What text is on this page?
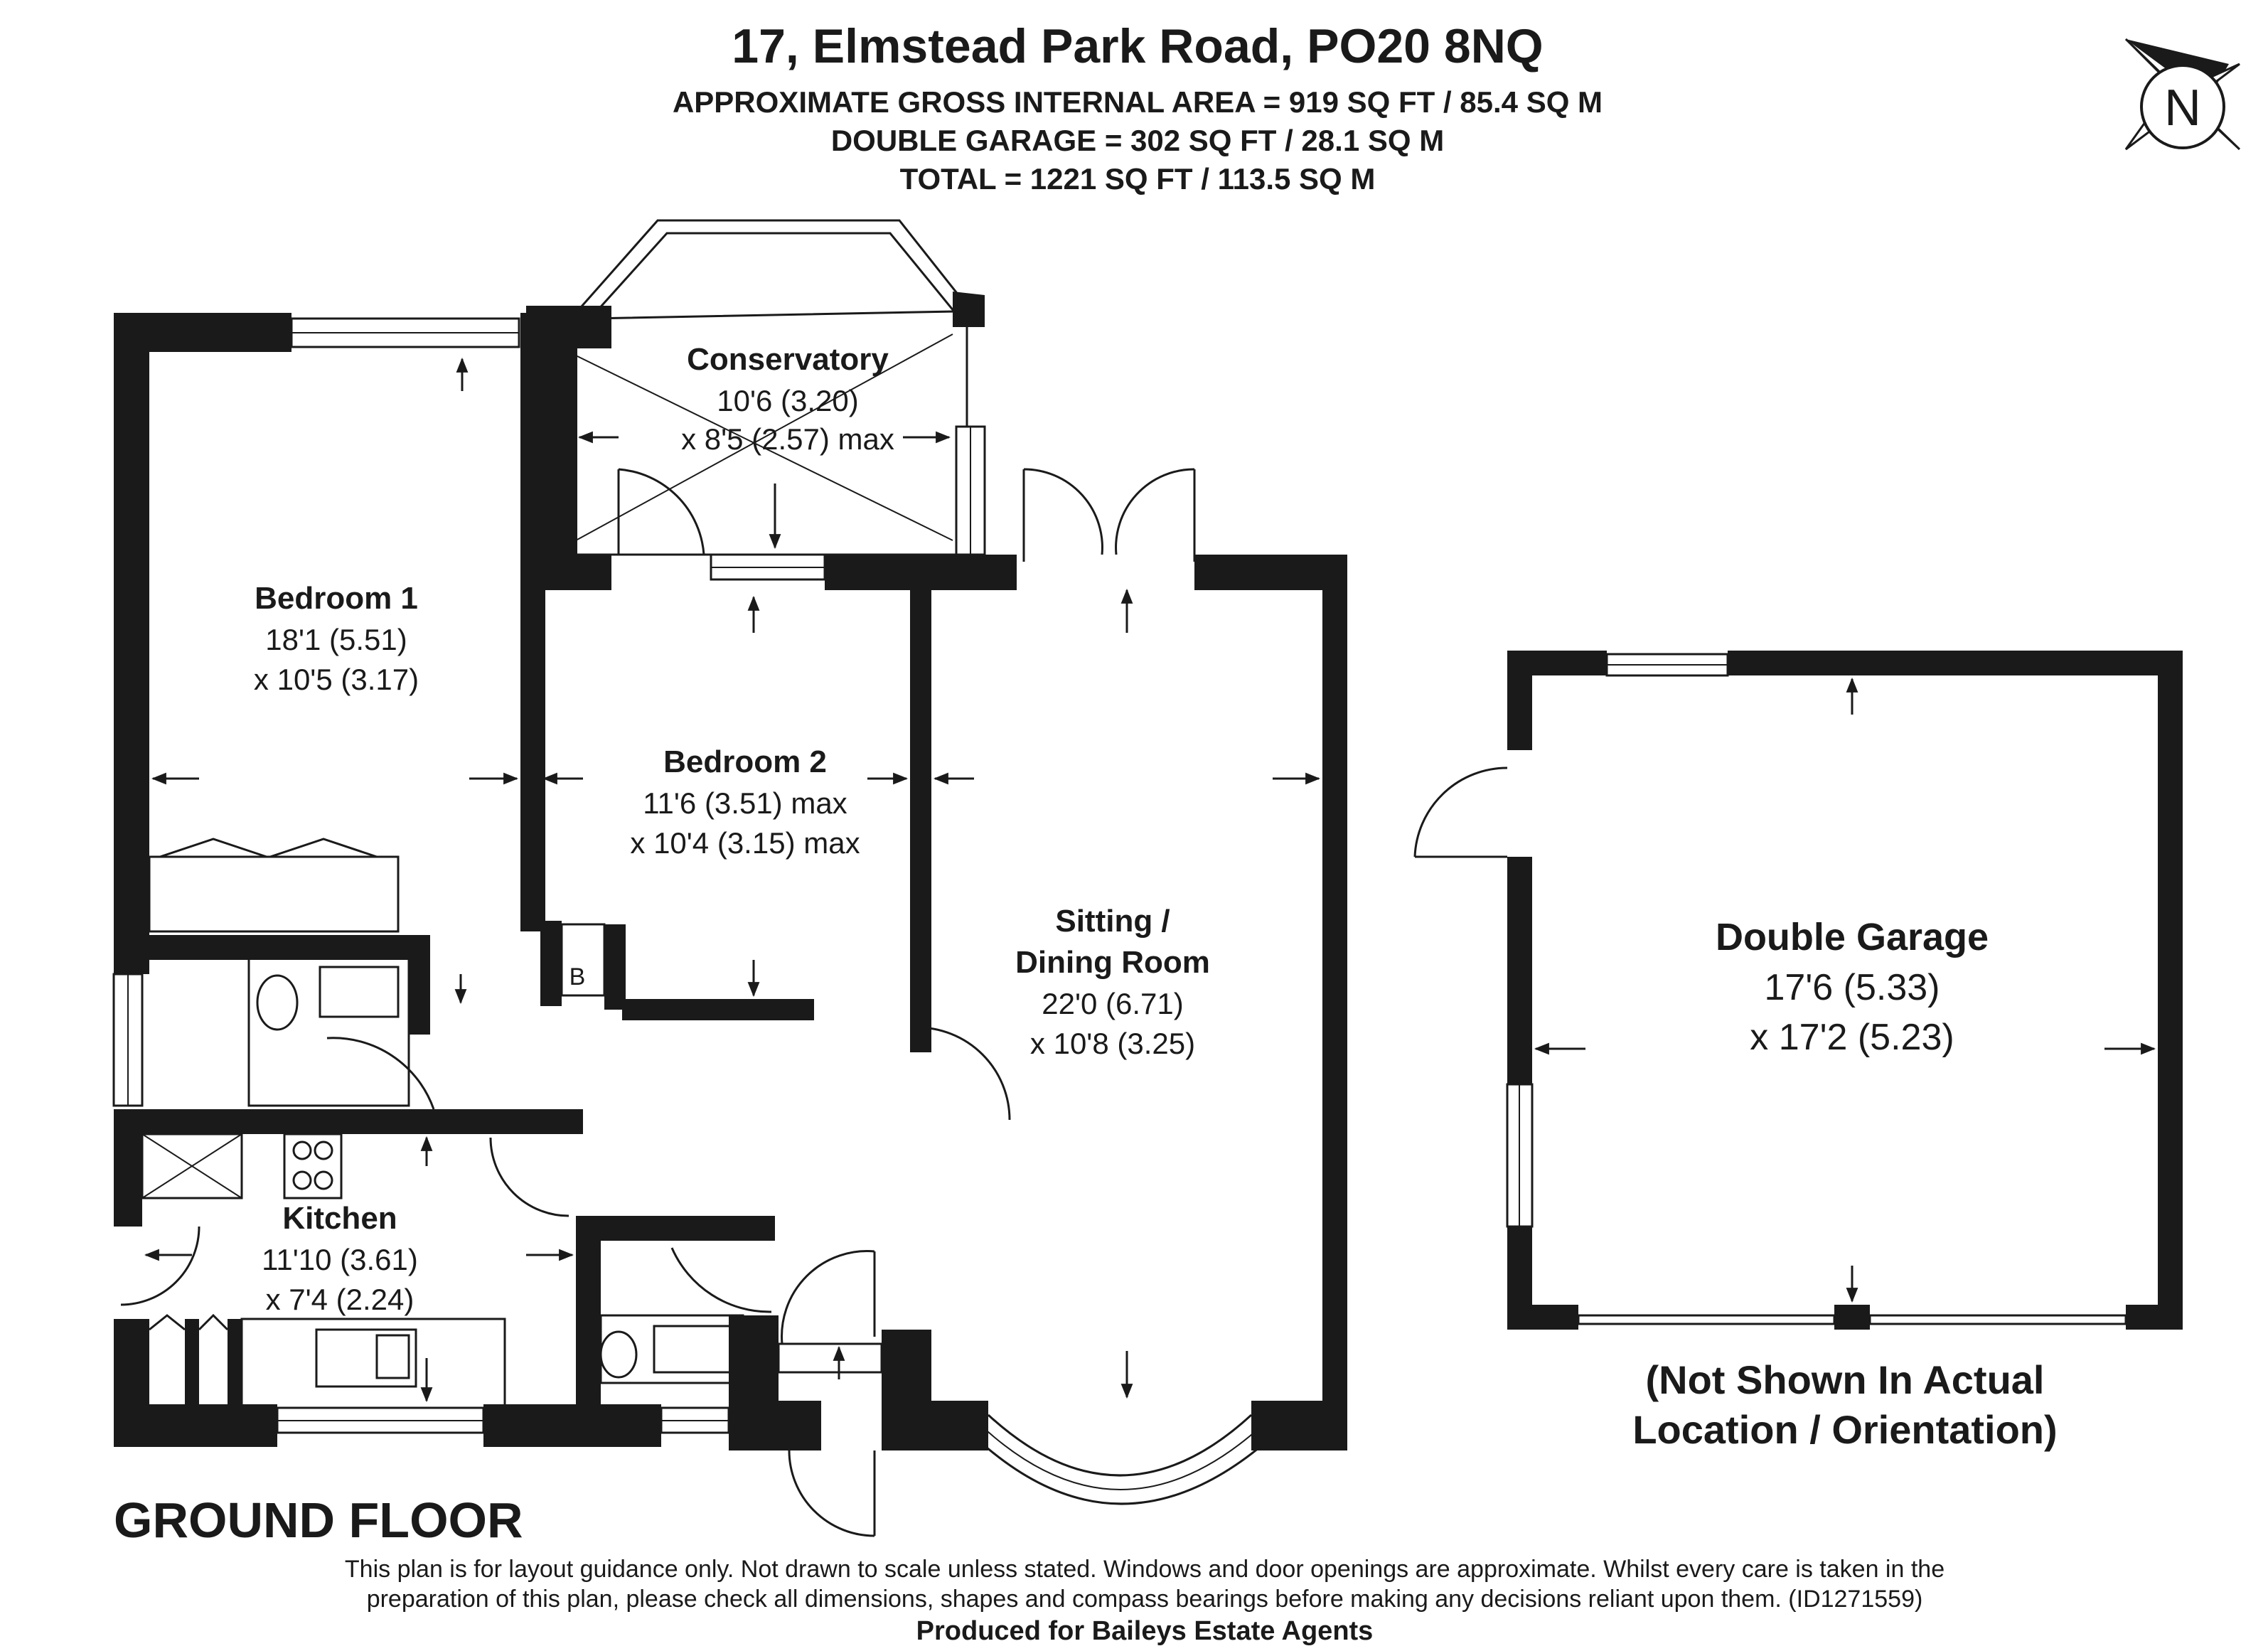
17, Elmstead Park Road, PO20 8NQ
APPROXIMATE GROSS INTERNAL AREA = 919 SQ FT / 85.4 SQ M
DOUBLE GARAGE = 302 SQ FT / 28.1 SQ M
TOTAL = 1221 SQ FT / 113.5 SQ M
N
B
Conservatory
10'6 (3.20)
x 8'5 (2.57) max
Bedroom 1
18'1 (5.51)
x 10'5 (3.17)
Bedroom 2
11'6 (3.51) max
x 10'4 (3.15) max
Sitting /
Dining Room
22'0 (6.71)
x 10'8 (3.25)
Kitchen
11'10 (3.61)
x 7'4 (2.24)
Double Garage
17'6 (5.33)
x 17'2 (5.23)
(Not Shown In Actual
Location / Orientation)
GROUND FLOOR
This plan is for layout guidance only. Not drawn to scale unless stated. Windows and door openings are approximate. Whilst every care is taken in the
preparation of this plan, please check all dimensions, shapes and compass bearings before making any decisions reliant upon them. (ID1271559)
Produced for Baileys Estate Agents
